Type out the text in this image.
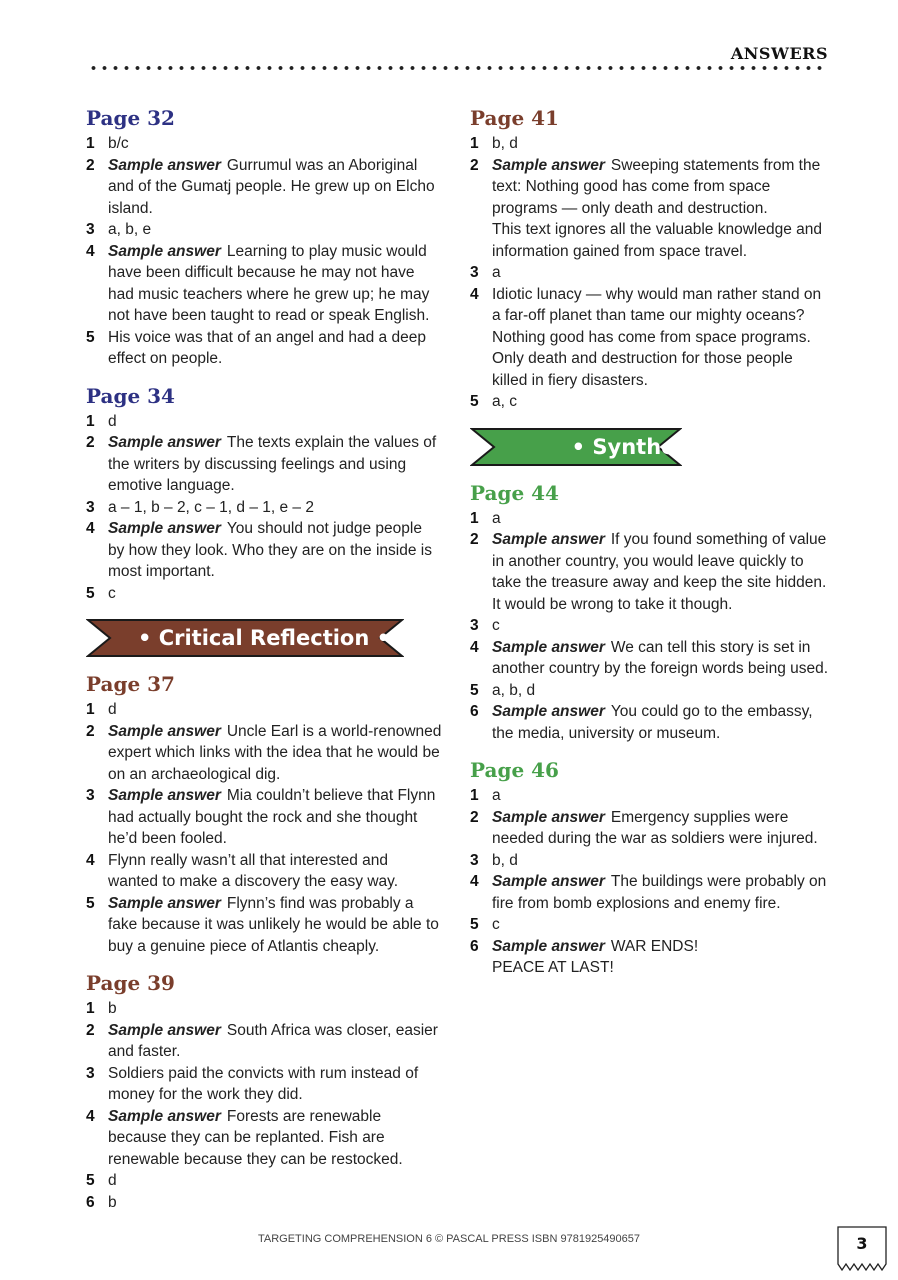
ANSWERS
Page 32
1 b/c
2 Sample answer Gurrumul was an Aboriginal and of the Gumatj people. He grew up on Elcho island.
3 a, b, e
4 Sample answer Learning to play music would have been difficult because he may not have had music teachers where he grew up; he may not have been taught to read or speak English.
5 His voice was that of an angel and had a deep effect on people.
Page 34
1 d
2 Sample answer The texts explain the values of the writers by discussing feelings and using emotive language.
3 a – 1, b – 2, c – 1, d – 1, e – 2
4 Sample answer You should not judge people by how they look. Who they are on the inside is most important.
5 c
• Critical Reflection •
Page 37
1 d
2 Sample answer Uncle Earl is a world-renowned expert which links with the idea that he would be on an archaeological dig.
3 Sample answer Mia couldn’t believe that Flynn had actually bought the rock and she thought he’d been fooled.
4 Flynn really wasn’t all that interested and wanted to make a discovery the easy way.
5 Sample answer Flynn’s find was probably a fake because it was unlikely he would be able to buy a genuine piece of Atlantis cheaply.
Page 39
1 b
2 Sample answer South Africa was closer, easier and faster.
3 Soldiers paid the convicts with rum instead of money for the work they did.
4 Sample answer Forests are renewable because they can be replanted. Fish are renewable because they can be restocked.
5 d
6 b
Page 41
1 b, d
2 Sample answer Sweeping statements from the text: Nothing good has come from space programs — only death and destruction.
This text ignores all the valuable knowledge and information gained from space travel.
3 a
4 Idiotic lunacy — why would man rather stand on a far-off planet than tame our mighty oceans?
Nothing good has come from space programs. Only death and destruction for those people killed in fiery disasters.
5 a, c
• Synthesis •
Page 44
1 a
2 Sample answer If you found something of value in another country, you would leave quickly to take the treasure away and keep the site hidden. It would be wrong to take it though.
3 c
4 Sample answer We can tell this story is set in another country by the foreign words being used.
5 a, b, d
6 Sample answer You could go to the embassy, the media, university or museum.
Page 46
1 a
2 Sample answer Emergency supplies were needed during the war as soldiers were injured.
3 b, d
4 Sample answer The buildings were probably on fire from bomb explosions and enemy fire.
5 c
6 Sample answer WAR ENDS!
PEACE AT LAST!
TARGETING COMPREHENSION 6 © PASCAL PRESS ISBN 9781925490657	3
